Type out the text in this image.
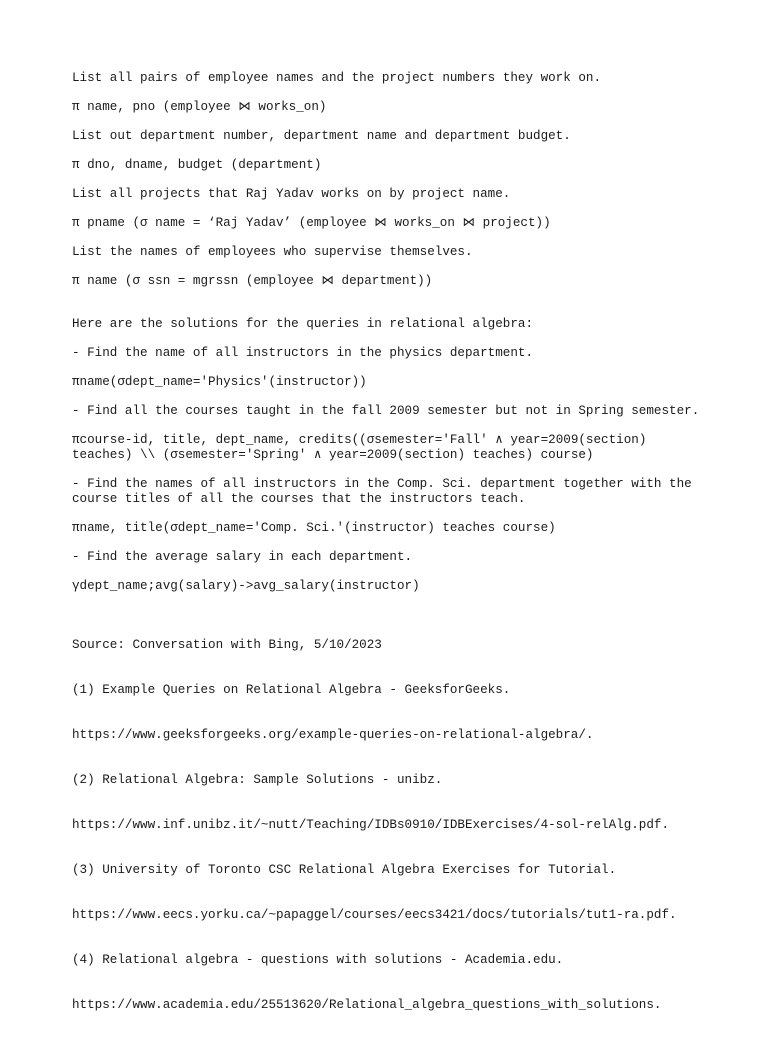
List all pairs of employee names and the project numbers they work on.

π name, pno (employee ⋈ works_on)

List out department number, department name and department budget.

π dno, dname, budget (department)

List all projects that Raj Yadav works on by project name.

π pname (σ name = ‘Raj Yadav’ (employee ⋈ works_on ⋈ project))

List the names of employees who supervise themselves.

π name (σ ssn = mgrssn (employee ⋈ department))

Here are the solutions for the queries in relational algebra:

- Find the name of all instructors in the physics department.

πname(σdept_name='Physics'(instructor))

- Find all the courses taught in the fall 2009 semester but not in Spring semester.

πcourse-id, title, dept_name, credits((σsemester='Fall' ∧ year=2009(section) teaches) \\ (σsemester='Spring' ∧ year=2009(section) teaches) course)

- Find the names of all instructors in the Comp. Sci. department together with the course titles of all the courses that the instructors teach.

πname, title(σdept_name='Comp. Sci.'(instructor) teaches course)

- Find the average salary in each department.

γdept_name;avg(salary)->avg_salary(instructor)

Source: Conversation with Bing, 5/10/2023

(1) Example Queries on Relational Algebra - GeeksforGeeks.

https://www.geeksforgeeks.org/example-queries-on-relational-algebra/.

(2) Relational Algebra: Sample Solutions - unibz.

https://www.inf.unibz.it/~nutt/Teaching/IDBs0910/IDBExercises/4-sol-relAlg.pdf.

(3) University of Toronto CSC Relational Algebra Exercises for Tutorial.

https://www.eecs.yorku.ca/~papaggel/courses/eecs3421/docs/tutorials/tut1-ra.pdf.

(4) Relational algebra - questions with solutions - Academia.edu.

https://www.academia.edu/25513620/Relational_algebra_questions_with_solutions.
